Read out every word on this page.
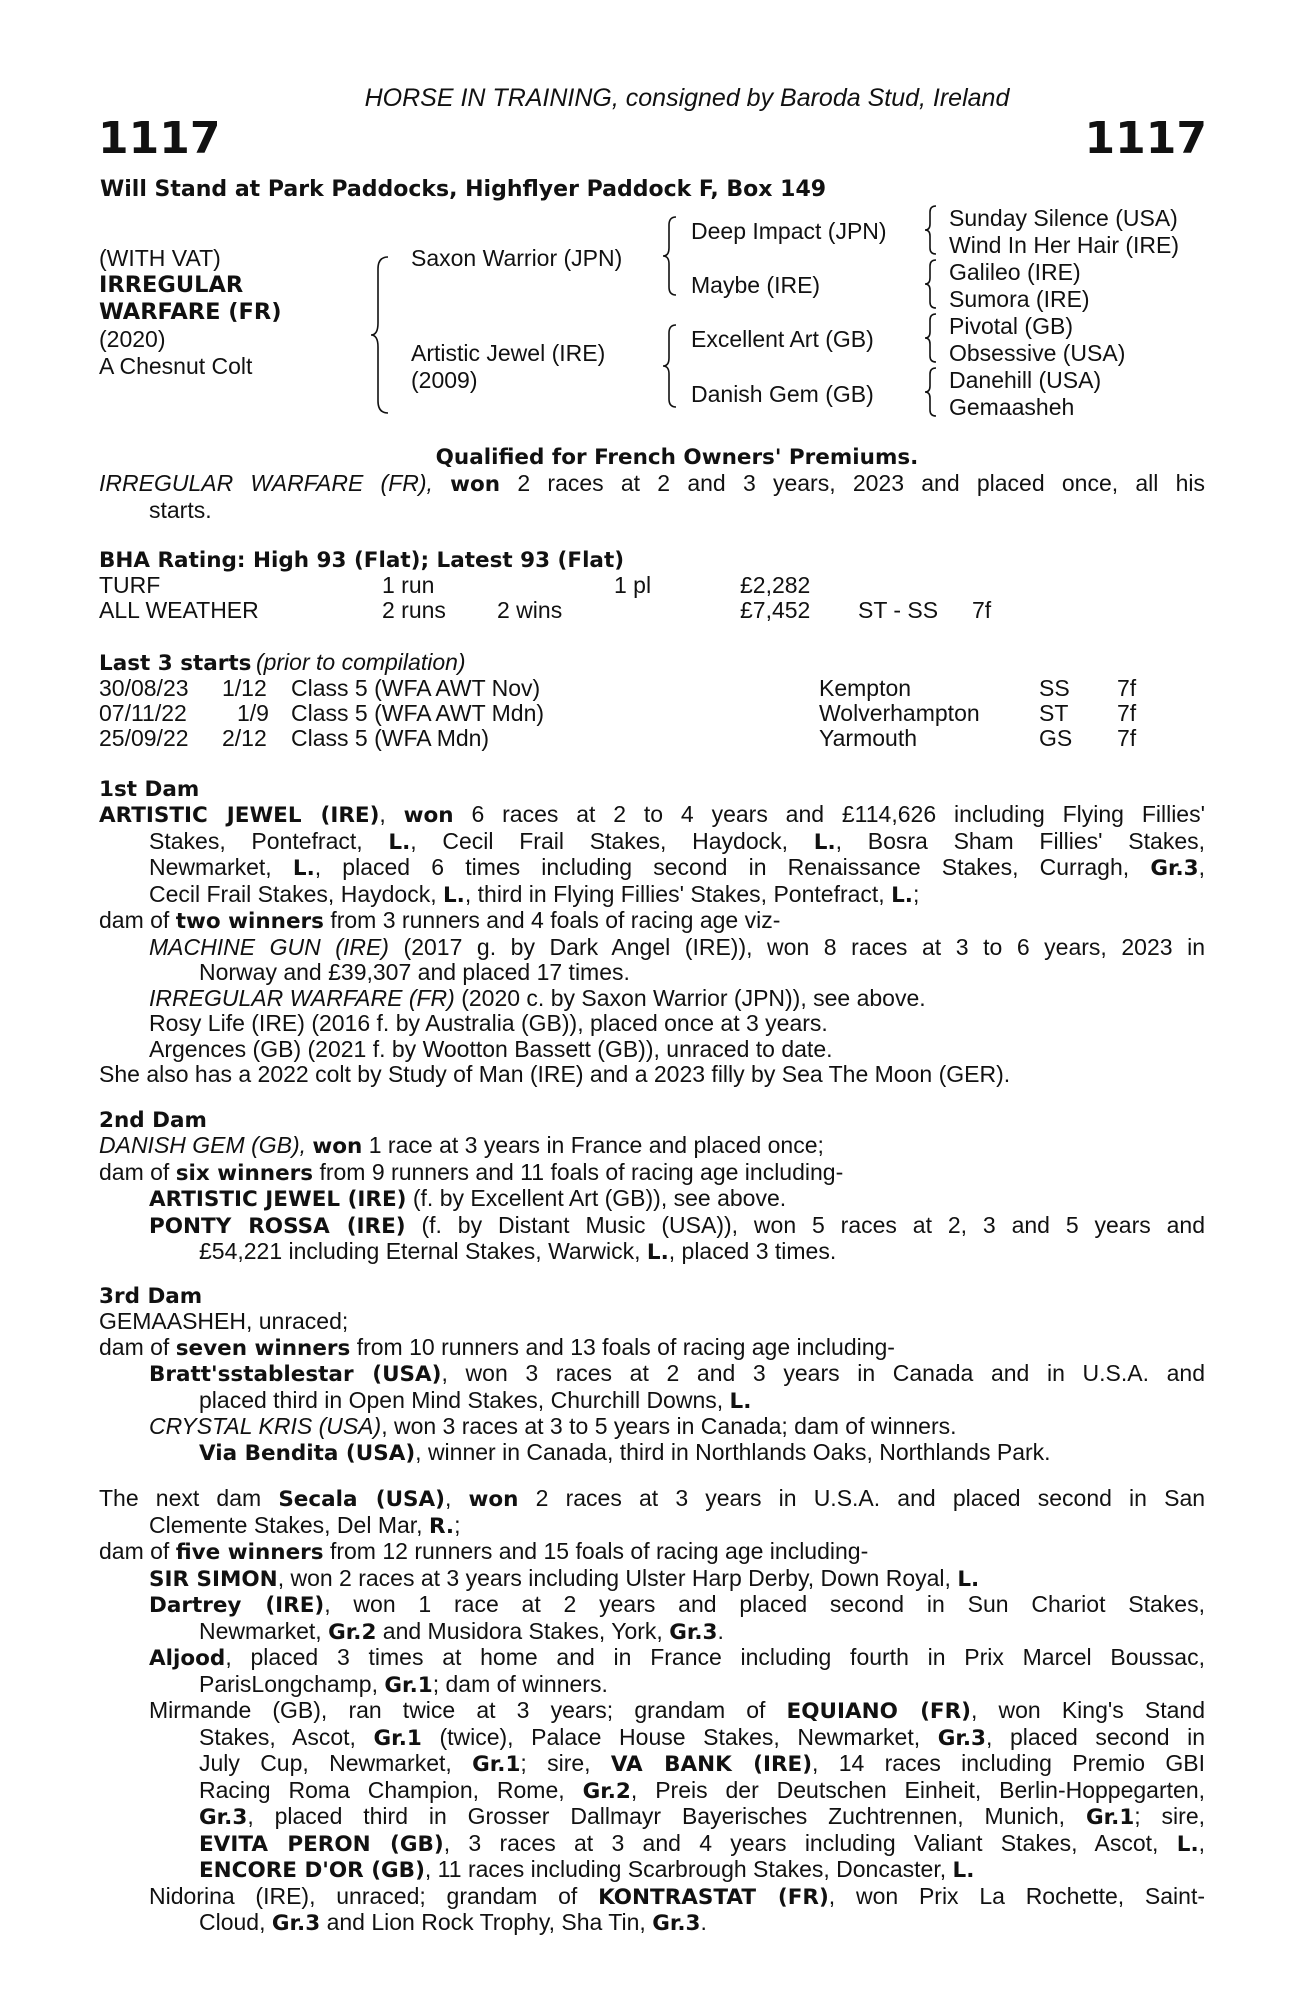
HORSE IN TRAINING, consigned by Baroda Stud, Ireland
1117	1117
Will Stand at Park Paddocks, Highflyer Paddock F, Box 149
(WITH VAT)
IRREGULAR
WARFARE (FR)
(2020)
A Chesnut Colt
Saxon Warrior (JPN)
Artistic Jewel (IRE)
(2009)
Deep Impact (JPN)
Maybe (IRE)
Excellent Art (GB)
Danish Gem (GB)
Sunday Silence (USA)
Wind In Her Hair (IRE)
Galileo (IRE)
Sumora (IRE)
Pivotal (GB)
Obsessive (USA)
Danehill (USA)
Gemaasheh
Qualified for French Owners' Premiums.

IRREGULAR WARFARE (FR), won 2 races at 2 and 3 years, 2023 and placed once, all his

starts.

BHA Rating: High 93 (Flat); Latest 93 (Flat)
TURF	1 run	1 pl	£2,282
ALL WEATHER	2 runs 2 wins	£7,452 ST - SS 7f
Last 3 starts (prior to compilation)
30/08/23 1/12 Class 5 (WFA AWT Nov)	Kempton	SS 7f
07/11/22 1/9 Class 5 (WFA AWT Mdn)	Wolverhampton	ST 7f
25/09/22 2/12 Class 5 (WFA Mdn)	Yarmouth	GS 7f
1st Dam

ARTISTIC JEWEL (IRE), won 6 races at 2 to 4 years and £114,626 including Flying Fillies'

Stakes, Pontefract, L., Cecil Frail Stakes, Haydock, L., Bosra Sham Fillies' Stakes,

Newmarket, L., placed 6 times including second in Renaissance Stakes, Curragh, Gr.3,

Cecil Frail Stakes, Haydock, L., third in Flying Fillies' Stakes, Pontefract, L.;

dam of two winners from 3 runners and 4 foals of racing age viz-

MACHINE GUN (IRE) (2017 g. by Dark Angel (IRE)), won 8 races at 3 to 6 years, 2023 in

Norway and £39,307 and placed 17 times.

IRREGULAR WARFARE (FR) (2020 c. by Saxon Warrior (JPN)), see above.

Rosy Life (IRE) (2016 f. by Australia (GB)), placed once at 3 years.

Argences (GB) (2021 f. by Wootton Bassett (GB)), unraced to date.

She also has a 2022 colt by Study of Man (IRE) and a 2023 filly by Sea The Moon (GER).

2nd Dam

DANISH GEM (GB), won 1 race at 3 years in France and placed once;

dam of six winners from 9 runners and 11 foals of racing age including-

ARTISTIC JEWEL (IRE) (f. by Excellent Art (GB)), see above.

PONTY ROSSA (IRE) (f. by Distant Music (USA)), won 5 races at 2, 3 and 5 years and

£54,221 including Eternal Stakes, Warwick, L., placed 3 times.

3rd Dam

GEMAASHEH, unraced;

dam of seven winners from 10 runners and 13 foals of racing age including-

Bratt'sstablestar (USA), won 3 races at 2 and 3 years in Canada and in U.S.A. and

placed third in Open Mind Stakes, Churchill Downs, L.

CRYSTAL KRIS (USA), won 3 races at 3 to 5 years in Canada; dam of winners.

Via Bendita (USA), winner in Canada, third in Northlands Oaks, Northlands Park.

The next dam Secala (USA), won 2 races at 3 years in U.S.A. and placed second in San

Clemente Stakes, Del Mar, R.;

dam of five winners from 12 runners and 15 foals of racing age including-

SIR SIMON, won 2 races at 3 years including Ulster Harp Derby, Down Royal, L.

Dartrey (IRE), won 1 race at 2 years and placed second in Sun Chariot Stakes,

Newmarket, Gr.2 and Musidora Stakes, York, Gr.3.

Aljood, placed 3 times at home and in France including fourth in Prix Marcel Boussac,

ParisLongchamp, Gr.1; dam of winners.

Mirmande (GB), ran twice at 3 years; grandam of EQUIANO (FR), won King's Stand

Stakes, Ascot, Gr.1 (twice), Palace House Stakes, Newmarket, Gr.3, placed second in

July Cup, Newmarket, Gr.1; sire, VA BANK (IRE), 14 races including Premio GBI

Racing Roma Champion, Rome, Gr.2, Preis der Deutschen Einheit, Berlin-Hoppegarten,

Gr.3, placed third in Grosser Dallmayr Bayerisches Zuchtrennen, Munich, Gr.1; sire,

EVITA PERON (GB), 3 races at 3 and 4 years including Valiant Stakes, Ascot, L.,

ENCORE D'OR (GB), 11 races including Scarbrough Stakes, Doncaster, L.

Nidorina (IRE), unraced; grandam of KONTRASTAT (FR), won Prix La Rochette, Saint-

Cloud, Gr.3 and Lion Rock Trophy, Sha Tin, Gr.3.
